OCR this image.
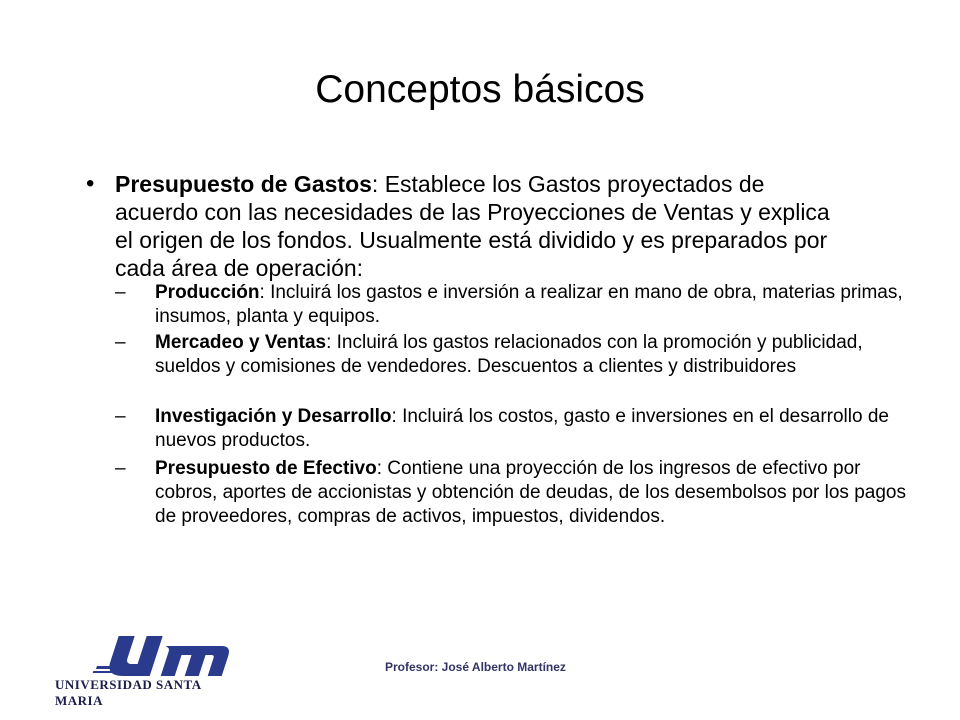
Conceptos básicos
• Presupuesto de Gastos: Establece los Gastos proyectados de acuerdo con las necesidades de las Proyecciones de Ventas y explica el origen de los fondos. Usualmente está dividido y es preparados por cada área de operación:
– Producción: Incluirá los gastos e inversión a realizar en mano de obra, materias primas, insumos, planta y equipos.
– Mercadeo y Ventas: Incluirá los gastos relacionados con la promoción y publicidad, sueldos y comisiones de vendedores. Descuentos a clientes y distribuidores
– Investigación y Desarrollo: Incluirá los costos, gasto e inversiones en el desarrollo de nuevos productos.
– Presupuesto de Efectivo: Contiene una proyección de los ingresos de efectivo por cobros, aportes de accionistas y obtención de deudas, de los desembolsos por los pagos de proveedores, compras de activos, impuestos, dividendos.
UNIVERSIDAD SANTA MARIA
Profesor: José Alberto Martínez
